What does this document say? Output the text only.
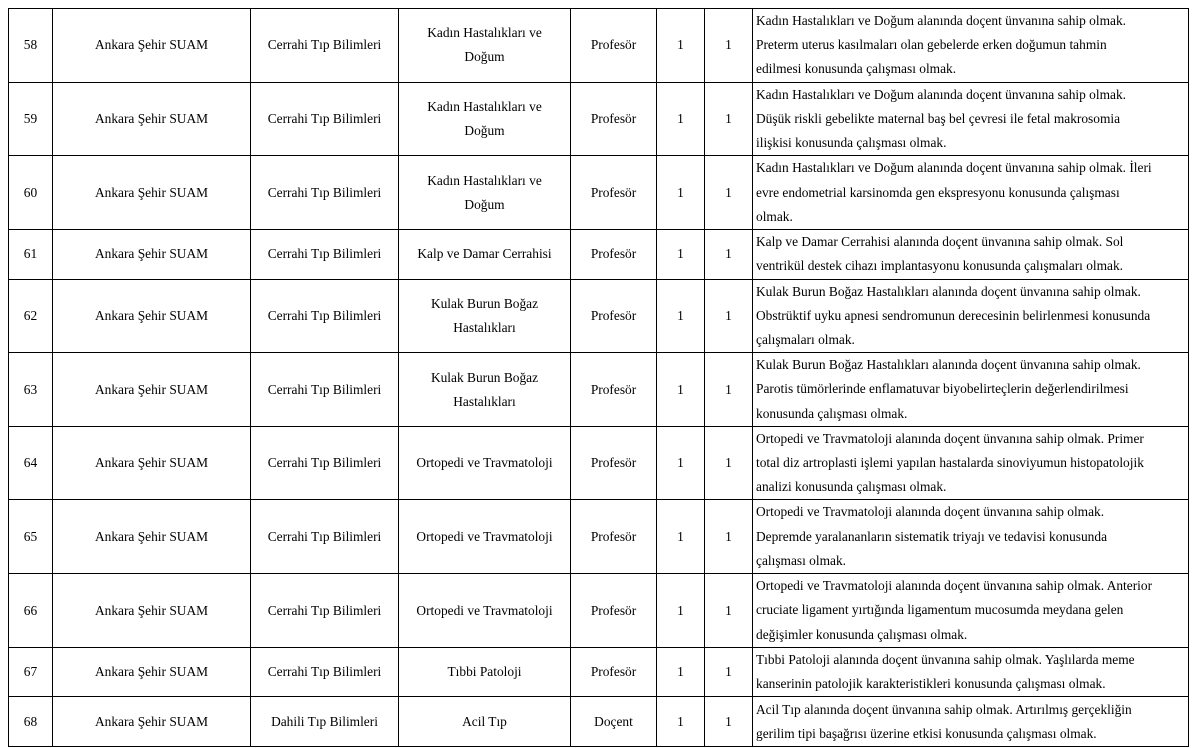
58	Ankara Şehir SUAM	Cerrahi Tıp Bilimleri	Kadın Hastalıkları ve
Doğum	Profesör	1	1	Kadın Hastalıkları ve Doğum alanında doçent ünvanına sahip olmak.
Preterm uterus kasılmaları olan gebelerde erken doğumun tahmin
edilmesi konusunda çalışması olmak.
59	Ankara Şehir SUAM	Cerrahi Tıp Bilimleri	Kadın Hastalıkları ve
Doğum	Profesör	1	1	Kadın Hastalıkları ve Doğum alanında doçent ünvanına sahip olmak.
Düşük riskli gebelikte maternal baş bel çevresi ile fetal makrosomia
ilişkisi konusunda çalışması olmak.
60	Ankara Şehir SUAM	Cerrahi Tıp Bilimleri	Kadın Hastalıkları ve
Doğum	Profesör	1	1	Kadın Hastalıkları ve Doğum alanında doçent ünvanına sahip olmak. İleri
evre endometrial karsinomda gen ekspresyonu konusunda çalışması
olmak.
61	Ankara Şehir SUAM	Cerrahi Tıp Bilimleri	Kalp ve Damar Cerrahisi	Profesör	1	1	Kalp ve Damar Cerrahisi alanında doçent ünvanına sahip olmak. Sol
ventrikül destek cihazı implantasyonu konusunda çalışmaları olmak.
62	Ankara Şehir SUAM	Cerrahi Tıp Bilimleri	Kulak Burun Boğaz
Hastalıkları	Profesör	1	1	Kulak Burun Boğaz Hastalıkları alanında doçent ünvanına sahip olmak.
Obstrüktif uyku apnesi sendromunun derecesinin belirlenmesi konusunda
çalışmaları olmak.
63	Ankara Şehir SUAM	Cerrahi Tıp Bilimleri	Kulak Burun Boğaz
Hastalıkları	Profesör	1	1	Kulak Burun Boğaz Hastalıkları alanında doçent ünvanına sahip olmak.
Parotis tümörlerinde enflamatuvar biyobelirteçlerin değerlendirilmesi
konusunda çalışması olmak.
64	Ankara Şehir SUAM	Cerrahi Tıp Bilimleri	Ortopedi ve Travmatoloji	Profesör	1	1	Ortopedi ve Travmatoloji alanında doçent ünvanına sahip olmak. Primer
total diz artroplasti işlemi yapılan hastalarda sinoviyumun histopatolojik
analizi konusunda çalışması olmak.
65	Ankara Şehir SUAM	Cerrahi Tıp Bilimleri	Ortopedi ve Travmatoloji	Profesör	1	1	Ortopedi ve Travmatoloji alanında doçent ünvanına sahip olmak.
Depremde yaralananların sistematik triyajı ve tedavisi konusunda
çalışması olmak.
66	Ankara Şehir SUAM	Cerrahi Tıp Bilimleri	Ortopedi ve Travmatoloji	Profesör	1	1	Ortopedi ve Travmatoloji alanında doçent ünvanına sahip olmak. Anterior
cruciate ligament yırtığında ligamentum mucosumda meydana gelen
değişimler konusunda çalışması olmak.
67	Ankara Şehir SUAM	Cerrahi Tıp Bilimleri	Tıbbi Patoloji	Profesör	1	1	Tıbbi Patoloji alanında doçent ünvanına sahip olmak. Yaşlılarda meme
kanserinin patolojik karakteristikleri konusunda çalışması olmak.
68	Ankara Şehir SUAM	Dahili Tıp Bilimleri	Acil Tıp	Doçent	1	1	Acil Tıp alanında doçent ünvanına sahip olmak. Artırılmış gerçekliğin
gerilim tipi başağrısı üzerine etkisi konusunda çalışması olmak.
